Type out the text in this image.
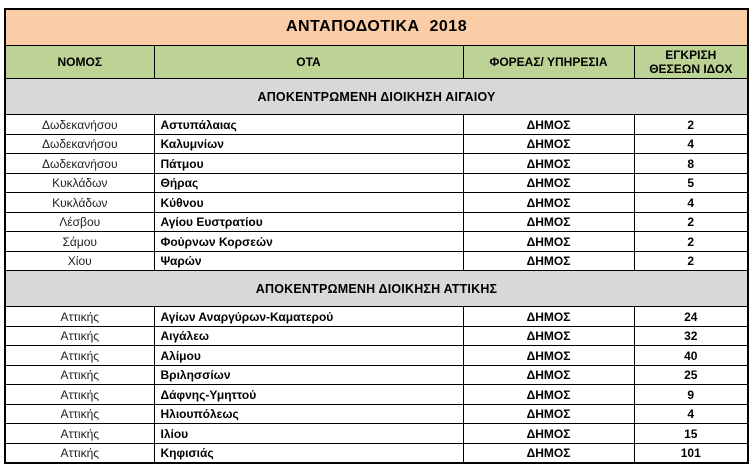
ΑΝΤΑΠΟΔΟΤΙΚΑ  2018			
ΝΟΜΟΣ	ΟΤΑ	ΦΟΡΕΑΣ/ ΥΠΗΡΕΣΙΑ	ΕΓΚΡΙΣΗ ΘΕΣΕΩΝ ΙΔΟΧ
ΑΠΟΚΕΝΤΡΩΜΕΝΗ ΔΙΟΙΚΗΣΗ ΑΙΓΑΙΟΥ			
Δωδεκανήσου	Αστυπάλαιας	ΔΗΜΟΣ	2
Δωδεκανήσου	Καλυμνίων	ΔΗΜΟΣ	4
Δωδεκανήσου	Πάτμου	ΔΗΜΟΣ	8
Κυκλάδων	Θήρας	ΔΗΜΟΣ	5
Κυκλάδων	Κύθνου	ΔΗΜΟΣ	4
Λέσβου	Αγίου Ευστρατίου	ΔΗΜΟΣ	2
Σάμου	Φούρνων Κορσεών	ΔΗΜΟΣ	2
Χίου	Ψαρών	ΔΗΜΟΣ	2
ΑΠΟΚΕΝΤΡΩΜΕΝΗ ΔΙΟΙΚΗΣΗ ΑΤΤΙΚΗΣ			
Αττικής	Αγίων Αναργύρων-Καματερού	ΔΗΜΟΣ	24
Αττικής	Αιγάλεω	ΔΗΜΟΣ	32
Αττικής	Αλίμου	ΔΗΜΟΣ	40
Αττικής	Βριλησσίων	ΔΗΜΟΣ	25
Αττικής	Δάφνης-Υμηττού	ΔΗΜΟΣ	9
Αττικής	Ηλιουπόλεως	ΔΗΜΟΣ	4
Αττικής	Ιλίου	ΔΗΜΟΣ	15
Αττικής	Κηφισιάς	ΔΗΜΟΣ	101
